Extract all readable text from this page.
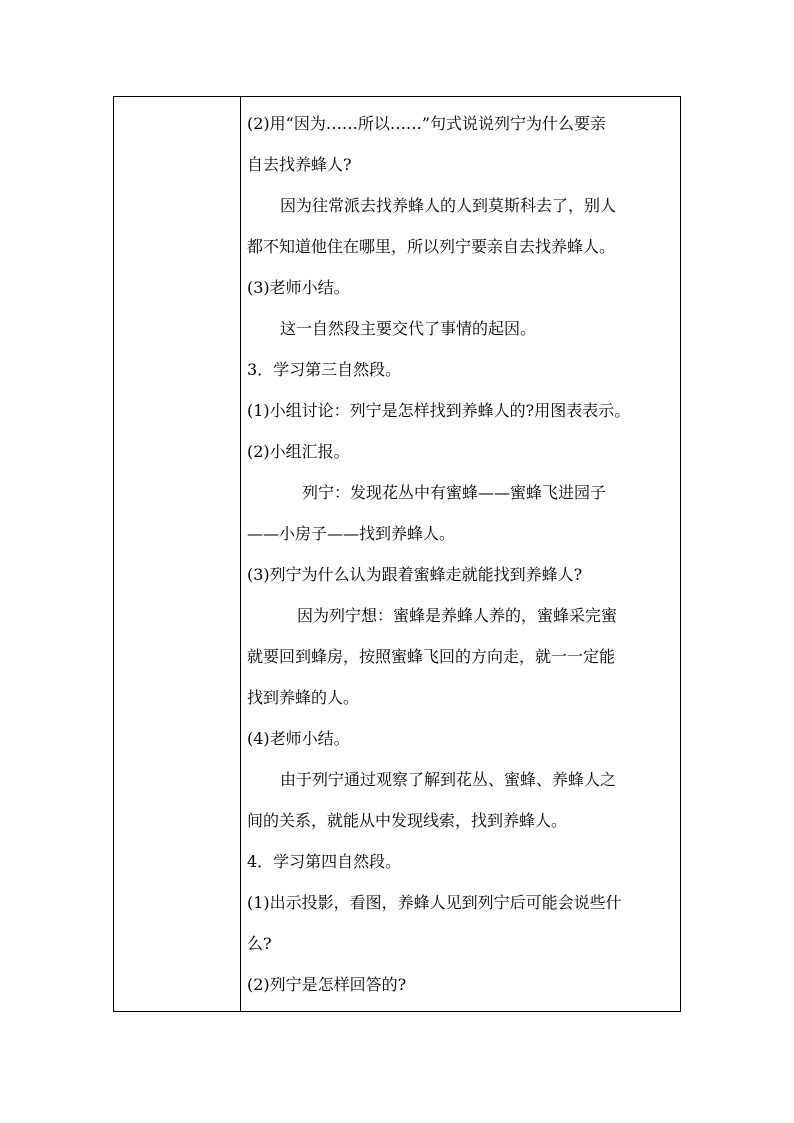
(2)用“因为……所以……”句式说说列宁为什么要亲
自去找养蜂人?
因为往常派去找养蜂人的人到莫斯科去了，别人
都不知道他住在哪里，所以列宁要亲自去找养蜂人。
(3)老师小结。
这一自然段主要交代了事情的起因。
3．学习第三自然段。
(1)小组讨论：列宁是怎样找到养蜂人的?用图表表示。
(2)小组汇报。
列宁：发现花丛中有蜜蜂——蜜蜂飞进园子
——小房子——找到养蜂人。
(3)列宁为什么认为跟着蜜蜂走就能找到养蜂人?
因为列宁想：蜜蜂是养蜂人养的，蜜蜂采完蜜
就要回到蜂房，按照蜜蜂飞回的方向走，就一一定能
找到养蜂的人。
(4)老师小结。
由于列宁通过观察了解到花丛、蜜蜂、养蜂人之
间的关系，就能从中发现线索，找到养蜂人。
4．学习第四自然段。
(1)出示投影，看图，养蜂人见到列宁后可能会说些什
么?
(2)列宁是怎样回答的?
